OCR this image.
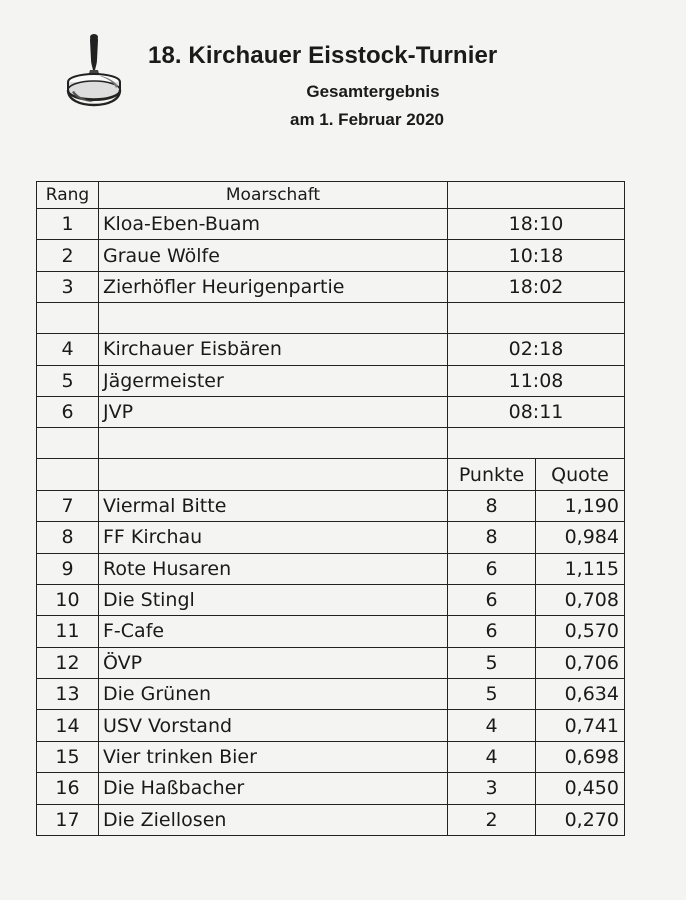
18. Kirchauer Eisstock-Turnier
Gesamtergebnis
am 1. Februar 2020
Rang	Moarschaft		
1	Kloa-Eben-Buam	18:10	
2	Graue Wölfe	10:18	
3	Zierhöfler Heurigenpartie	18:02	

4	Kirchauer Eisbären	02:18	
5	Jägermeister	11:08	
6	JVP	08:11	

		Punkte	Quote
7	Viermal Bitte	8	1,190
8	FF Kirchau	8	0,984
9	Rote Husaren	6	1,115
10	Die Stingl	6	0,708
11	F-Cafe	6	0,570
12	ÖVP	5	0,706
13	Die Grünen	5	0,634
14	USV Vorstand	4	0,741
15	Vier trinken Bier	4	0,698
16	Die Haßbacher	3	0,450
17	Die Ziellosen	2	0,270
